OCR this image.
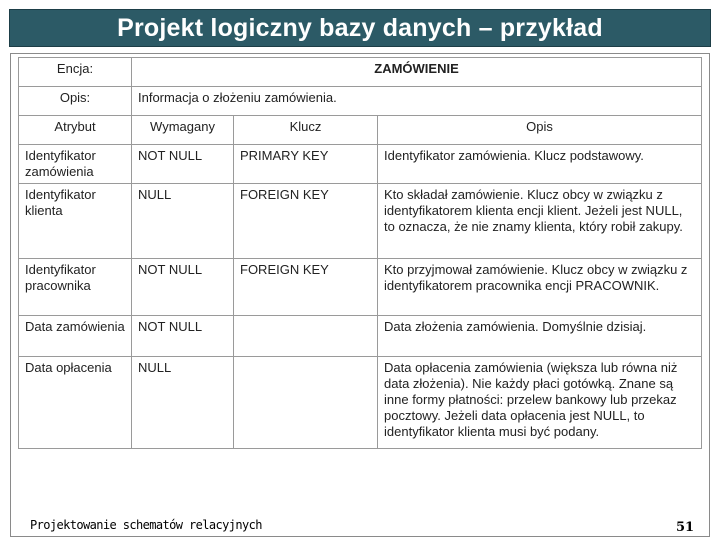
Projekt logiczny bazy danych – przykład
Encja:	ZAMÓWIENIE		
Opis:	Informacja o złożeniu zamówienia.		
Atrybut	Wymagany	Klucz	Opis
Identyfikator zamówienia	NOT NULL	PRIMARY KEY	Identyfikator zamówienia. Klucz podstawowy.
Identyfikator klienta	NULL	FOREIGN KEY	Kto składał zamówienie. Klucz obcy w związku z identyfikatorem klienta encji klient. Jeżeli jest NULL, to oznacza, że nie znamy klienta, który robił zakupy.
Identyfikator pracownika	NOT NULL	FOREIGN KEY	Kto przyjmował zamówienie. Klucz obcy w związku z identyfikatorem pracownika encji PRACOWNIK.
Data zamówienia	NOT NULL		Data złożenia zamówienia. Domyślnie dzisiaj.
Data opłacenia	NULL		Data opłacenia zamówienia (większa lub równa niż data złożenia). Nie każdy płaci gotówką. Znane są inne formy płatności: przelew bankowy lub przekaz pocztowy. Jeżeli data opłacenia jest NULL, to identyfikator klienta musi być podany.
Projektowanie schematów relacyjnych	51
